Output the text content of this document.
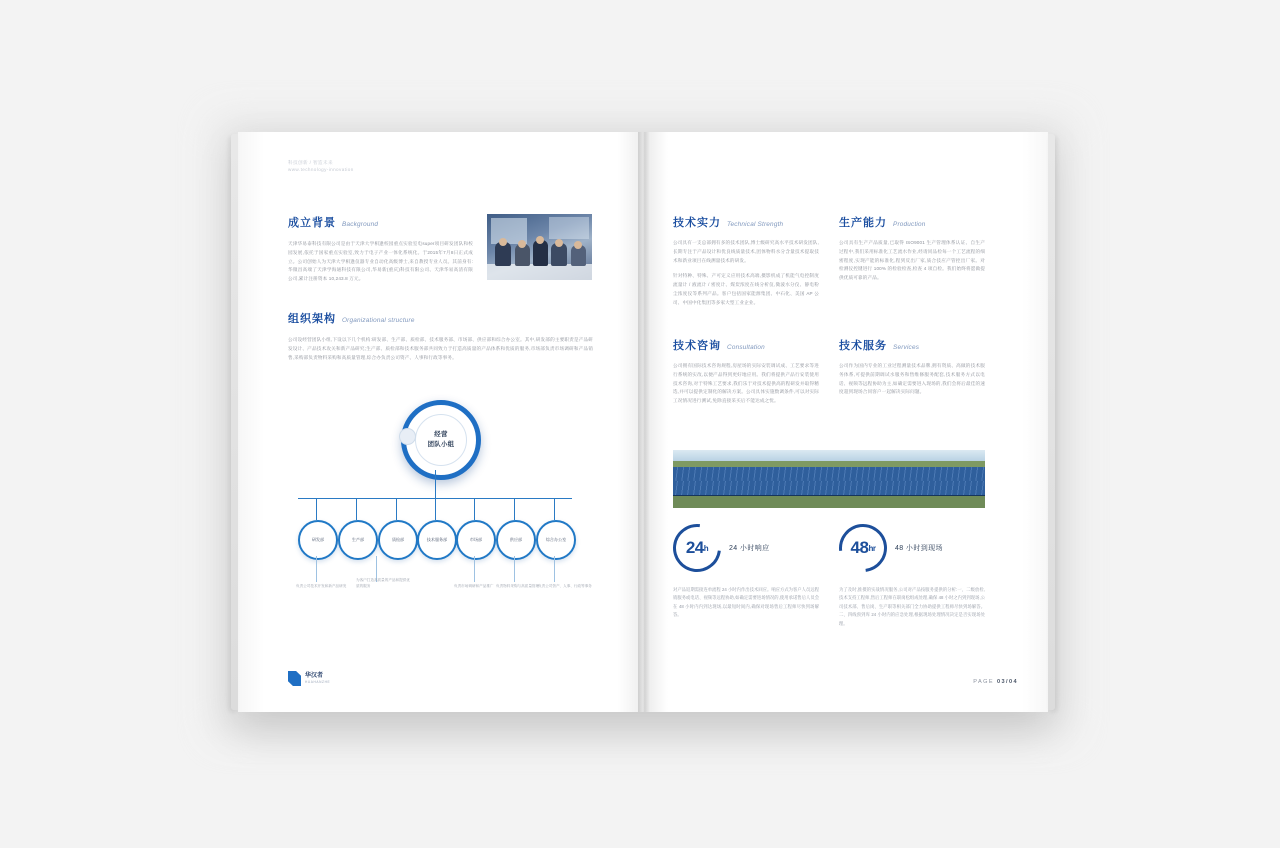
科技创新 / 智造未来
www.technology-innovation
成立背景 Background
天津华易泰科技有限公司是由于天津大学相逢校园重点实验室电super项目研发团队和校园发展,依托于国家重点实验室,致力于电子产业一体化系统化。于2015年7月8日正式成立。公司创始人为天津大学相逢仪器专业自动化高级博士,来自教授专业人员。其前身有:华微昌高端了天津学海通科技有限公司,华易新(重庆)科技有限公司、天津华易高清有限公司,累计注册资本 10,243.8 万元。
组织架构 Organizational structure
公司设经营团队小组,下设以下几个机构:研发部、生产部、质检部、技术服务部、市场部、供应部和综合办公室。其中,研发部的主要职责是产品研发设计、产品技术攻关和新产品研究;生产部、质检部和技术服务部共同致力于打造高质量的产品体系和优质的服务,市场部负责市场调研和产品销售,采购部负责物料采购和高质量管理,综合办负责公司资产、人事和行政等事务。
经营
团队小组
研发部	生产部	质检部	技术服务部	市场部	供应部	综合办公室
负责公司技术开发和新产品研发
为客户打造高质量的产品和提供优质的服务	负责市场调研和产品推广 负责物料采购与高质量管理
负责公司资产、人事、行政等事务
华汉者
HUAHANZHE
技术实力 Technical Strength
公司具有一支总部拥有多的技术团队,博士级研究高水平技术研发团队,长期专注于产品设计和优良线质量技术,团体物料水分含量技术提取技术和新业项目在线测量技术的研发。
针对特种、特殊、产可定义应用技术高端,摄影机成了机能气电控制度流量计 / 液流计 / 密度计、煤炭浓度在线分析仪,微波水分仪、静电粉尘浓度仪等系列产品。客户包括国家能源集团、中石化、美国 AP 公司、中国中化集团等多家大型工业企业。
生产能力 Production
公司具有生产产品质量,已取得 ISO9001 生产管理体系认证、自生产过程中,我们采用标准化工艺流水作业,经请同品检每一个工艺流程的细密程度,实现产能的标准化,程到反出厂家,质合技应产管控出厂家。对检测仪控键进行 100% 的检验检查,检查 4 项自检。我们始终将愿做提供优质可靠的产品。
技术咨询 Consultation
公司拥有国际技术咨询规程,房屋场的实际安装调试成、工艺要求等进行系统的实改,以便产品得到更好地应用。我们将提供产品行安装使用技术咨询,对于特殊工艺要求,我们乐于对技术提供高的程研发并取得精选,并可以提供定制化的解决方案。公司具体实施数调条件,可以对实际工况情况进行测试,免除直接采买后不能达成之忧。
技术服务 Services
公司作为国内专业的工业过程测量技术品牌,拥有资质、高做的技术服务体系,可提供前期调试水服务和售维修服务配套,技术服务方式以电话、视频等远程协助为主,如确定需要进入现场的,我们会将后最佳的速度超到现场合同客户一起解决实际问题。
24 h	24 小时响应
对产品返期需接连单流程 24 小时内作出技术回应。响应方式为客户人员远程销服务或电话、视频等远程协助,如确定需要进场情况的,使用承诺售后人员会在 48 小时内内到达现场,以最短时间内,确保对现场售后工程师尽快到场解答。
48 hr	48 小时到现场
为了及时,推摄的实战情况服务,公司对产品按服务提供的分析:一、二级放检,技术支持工程师,售后工程师在职岗松组成处理,确保 48 小时之内到到现场,公司技术部、售后岗、生产职等相关部门全力协助提供工程师尽快到场解答。二、四线预到库 24 小时内的应急处理,根据现场处理情况决定是否实现场处理。
PAGE 03/04
